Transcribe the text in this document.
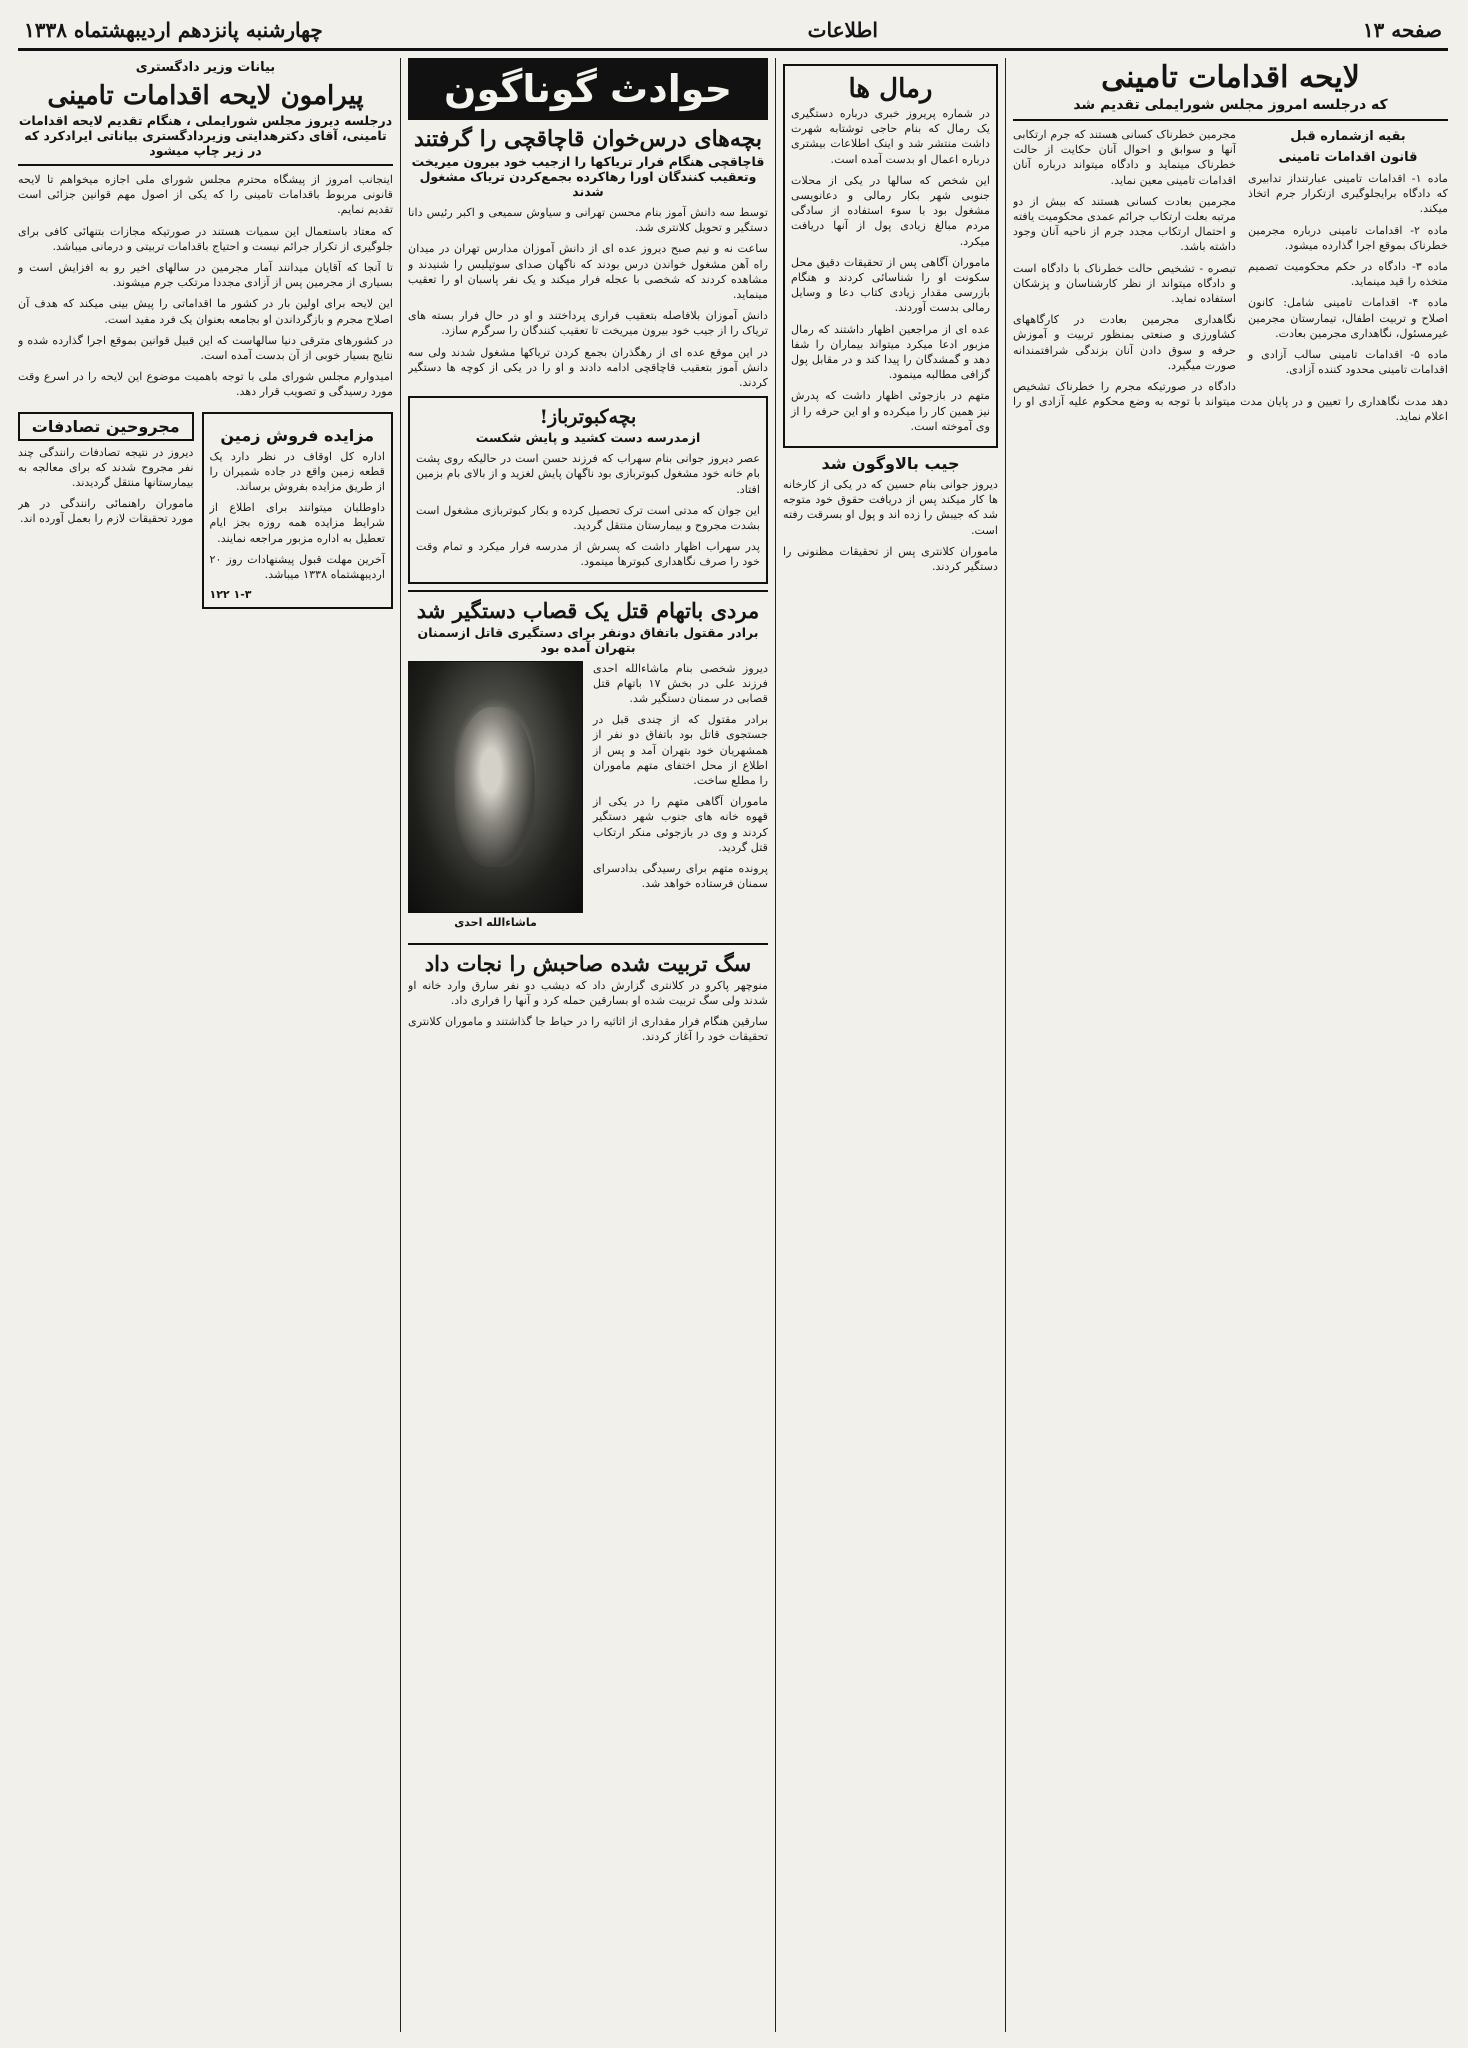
صفحه ۱۳
اطلاعات
چهارشنبه پانزدهم اردیبهشتماه ۱۳۳۸
لایحه اقدامات تامینی
که درجلسه امروز مجلس شورایملی تقدیم شد
بقیه ازشماره قبل
قانون اقدامات تامینی

ماده ۱- اقدامات تامینی عبارتنداز تدابیری که دادگاه برایجلوگیری ازتکرار جرم اتخاذ میکند.

ماده ۲- اقدامات تامینی درباره مجرمین خطرناک بموقع اجرا گذارده میشود.

ماده ۳- دادگاه در حکم محکومیت تصمیم متخذه را قید مینماید.

ماده ۴- اقدامات تامینی شامل: کانون اصلاح و تربیت اطفال، تیمارستان مجرمین غیرمسئول، نگاهداری مجرمین بعادت.

ماده ۵- اقدامات تامینی سالب آزادی و اقدامات تامینی محدود کننده آزادی.

مجرمین خطرناک کسانی هستند که جرم ارتکابی آنها و سوابق و احوال آنان حکایت از حالت خطرناک مینماید و دادگاه میتواند درباره آنان اقدامات تامینی معین نماید.

مجرمین بعادت کسانی هستند که بیش از دو مرتبه بعلت ارتکاب جرائم عمدی محکومیت یافته و احتمال ارتکاب مجدد جرم از ناحیه آنان وجود داشته باشد.

تبصره - تشخیص حالت خطرناک با دادگاه است و دادگاه میتواند از نظر کارشناسان و پزشکان استفاده نماید.

نگاهداری مجرمین بعادت در کارگاههای کشاورزی و صنعتی بمنظور تربیت و آموزش حرفه و سوق دادن آنان بزندگی شرافتمندانه صورت میگیرد.

دادگاه در صورتیکه مجرم را خطرناک تشخیص دهد مدت نگاهداری را تعیین و در پایان مدت میتواند با توجه به وضع محکوم علیه آزادی او را اعلام نماید.

رمال ها

در شماره پریروز خبری درباره دستگیری یک رمال که بنام حاجی توشتابه شهرت داشت منتشر شد و اینک اطلاعات بیشتری درباره اعمال او بدست آمده است.

این شخص که سالها در یکی از محلات جنوبی شهر بکار رمالی و دعانویسی مشغول بود با سوء استفاده از سادگی مردم مبالغ زیادی پول از آنها دریافت میکرد.

ماموران آگاهی پس از تحقیقات دقیق محل سکونت او را شناسائی کردند و هنگام بازرسی مقدار زیادی کتاب دعا و وسایل رمالی بدست آوردند.

عده ای از مراجعین اظهار داشتند که رمال مزبور ادعا میکرد میتواند بیماران را شفا دهد و گمشدگان را پیدا کند و در مقابل پول گزافی مطالبه مینمود.

متهم در بازجوئی اظهار داشت که پدرش نیز همین کار را میکرده و او این حرفه را از وی آموخته است.

جیب بالاوگون شد

دیروز جوانی بنام حسین که در یکی از کارخانه ها کار میکند پس از دریافت حقوق خود متوجه شد که جیبش را زده اند و پول او بسرقت رفته است.

ماموران کلانتری پس از تحقیقات مظنونی را دستگیر کردند.

حوادث گوناگون
بچه‌های درس‌خوان قاچاقچی را گرفتند
قاچاقچی هنگام فرار تریاکها را ازجیب خود بیرون میریخت وتعقیب کنندگان اورا رهاکرده بجمع‌کردن تریاک مشغول شدند

توسط سه دانش آموز بنام محسن تهرانی و سیاوش سمیعی و اکبر رئیس دانا دستگیر و تحویل کلانتری شد.

ساعت نه و نیم صبح دیروز عده ای از دانش آموزان مدارس تهران در میدان راه آهن مشغول خواندن درس بودند که ناگهان صدای سوتپلیس را شنیدند و مشاهده کردند که شخصی با عجله فرار میکند و یک نفر پاسبان او را تعقیب مینماید.

دانش آموزان بلافاصله بتعقیب فراری پرداختند و او در حال فرار بسته های تریاک را از جیب خود بیرون میریخت تا تعقیب کنندگان را سرگرم سازد.

در این موقع عده ای از رهگذران بجمع کردن تریاکها مشغول شدند ولی سه دانش آموز بتعقیب قاچاقچی ادامه دادند و او را در یکی از کوچه ها دستگیر کردند.

بچه‌کبوترباز!
ازمدرسه دست کشید و پایش شکست

عصر دیروز جوانی بنام سهراب که فرزند حسن است در حالیکه روی پشت بام خانه خود مشغول کبوتربازی بود ناگهان پایش لغزید و از بالای بام بزمین افتاد.

این جوان که مدتی است ترک تحصیل کرده و بکار کبوتربازی مشغول است بشدت مجروح و بیمارستان منتقل گردید.

پدر سهراب اظهار داشت که پسرش از مدرسه فرار میکرد و تمام وقت خود را صرف نگاهداری کبوترها مینمود.

مردی باتهام قتل یک قصاب دستگیر شد
برادر مقتول باتفاق دونفر برای دستگیری قاتل ازسمنان بتهران آمده بود
ماشاءالله احدی

دیروز شخصی بنام ماشاءالله احدی فرزند علی در بخش ۱۷ باتهام قتل قصابی در سمنان دستگیر شد.

برادر مقتول که از چندی قبل در جستجوی قاتل بود باتفاق دو نفر از همشهریان خود بتهران آمد و پس از اطلاع از محل اختفای متهم ماموران را مطلع ساخت.

ماموران آگاهی متهم را در یکی از قهوه خانه های جنوب شهر دستگیر کردند و وی در بازجوئی منکر ارتکاب قتل گردید.

پرونده متهم برای رسیدگی بدادسرای سمنان فرستاده خواهد شد.

سگ تربیت شده صاحبش را نجات داد

منوچهر پاکرو در کلانتری گزارش داد که دیشب دو نفر سارق وارد خانه او شدند ولی سگ تربیت شده او بسارقین حمله کرد و آنها را فراری داد.

سارقین هنگام فرار مقداری از اثاثیه را در حیاط جا گذاشتند و ماموران کلانتری تحقیقات خود را آغاز کردند.

بیانات وزیر دادگستری
پیرامون لایحه اقدامات تامینی
درجلسه دیروز مجلس شورایملی ، هنگام تقدیم لایحه اقدامات تامینی، آقای دکترهدایتی وزیردادگستری بیاناتی ایرادکرد که در زیر چاپ میشود

اینجانب امروز از پیشگاه محترم مجلس شورای ملی اجازه میخواهم تا لایحه قانونی مربوط باقدامات تامینی را که یکی از اصول مهم قوانین جزائی است تقدیم نمایم.

که معتاد باستعمال این سمیات هستند در صورتیکه مجازات بتنهائی کافی برای جلوگیری از تکرار جرائم نیست و احتیاج باقدامات تربیتی و درمانی میباشد.

تا آنجا که آقایان میدانند آمار مجرمین در سالهای اخیر رو به افزایش است و بسیاری از مجرمین پس از آزادی مجددا مرتکب جرم میشوند.

این لایحه برای اولین بار در کشور ما اقداماتی را پیش بینی میکند که هدف آن اصلاح مجرم و بازگرداندن او بجامعه بعنوان یک فرد مفید است.

در کشورهای مترقی دنیا سالهاست که این قبیل قوانین بموقع اجرا گذارده شده و نتایج بسیار خوبی از آن بدست آمده است.

امیدوارم مجلس شورای ملی با توجه باهمیت موضوع این لایحه را در اسرع وقت مورد رسیدگی و تصویب قرار دهد.

مزایده فروش زمین

اداره کل اوقاف در نظر دارد یک قطعه زمین واقع در جاده شمیران را از طریق مزایده بفروش برساند.

داوطلبان میتوانند برای اطلاع از شرایط مزایده همه روزه بجز ایام تعطیل به اداره مزبور مراجعه نمایند.

آخرین مهلت قبول پیشنهادات روز ۲۰ اردیبهشتماه ۱۳۳۸ میباشد.

۱-۳ ۱۲۲
مجروحین تصادفات

دیروز در نتیجه تصادفات رانندگی چند نفر مجروح شدند که برای معالجه به بیمارستانها منتقل گردیدند.

ماموران راهنمائی رانندگی در هر مورد تحقیقات لازم را بعمل آورده اند.
